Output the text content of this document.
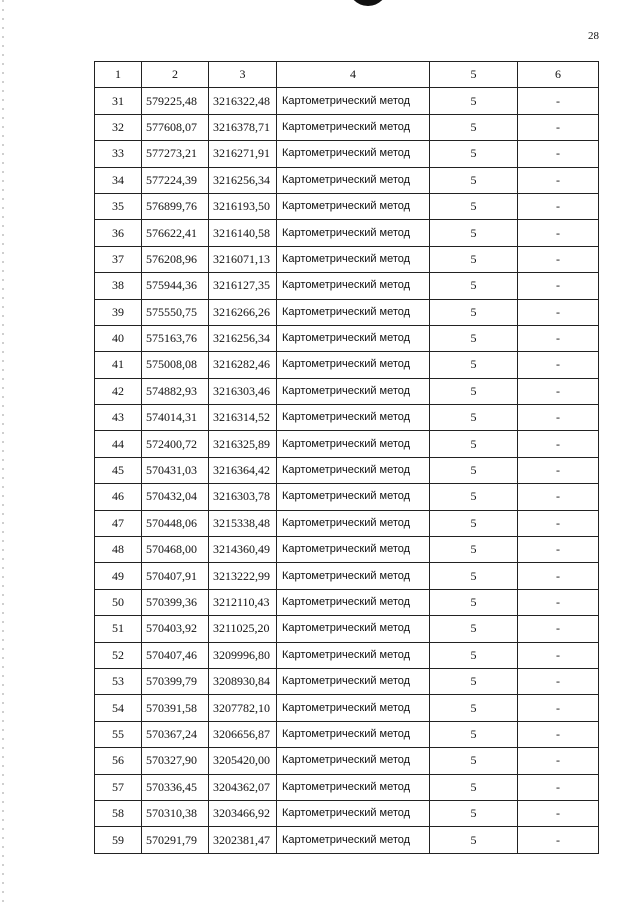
28
1	2	3	4	5	6
31	579225,48	3216322,48	Картометрический метод	5	-
32	577608,07	3216378,71	Картометрический метод	5	-
33	577273,21	3216271,91	Картометрический метод	5	-
34	577224,39	3216256,34	Картометрический метод	5	-
35	576899,76	3216193,50	Картометрический метод	5	-
36	576622,41	3216140,58	Картометрический метод	5	-
37	576208,96	3216071,13	Картометрический метод	5	-
38	575944,36	3216127,35	Картометрический метод	5	-
39	575550,75	3216266,26	Картометрический метод	5	-
40	575163,76	3216256,34	Картометрический метод	5	-
41	575008,08	3216282,46	Картометрический метод	5	-
42	574882,93	3216303,46	Картометрический метод	5	-
43	574014,31	3216314,52	Картометрический метод	5	-
44	572400,72	3216325,89	Картометрический метод	5	-
45	570431,03	3216364,42	Картометрический метод	5	-
46	570432,04	3216303,78	Картометрический метод	5	-
47	570448,06	3215338,48	Картометрический метод	5	-
48	570468,00	3214360,49	Картометрический метод	5	-
49	570407,91	3213222,99	Картометрический метод	5	-
50	570399,36	3212110,43	Картометрический метод	5	-
51	570403,92	3211025,20	Картометрический метод	5	-
52	570407,46	3209996,80	Картометрический метод	5	-
53	570399,79	3208930,84	Картометрический метод	5	-
54	570391,58	3207782,10	Картометрический метод	5	-
55	570367,24	3206656,87	Картометрический метод	5	-
56	570327,90	3205420,00	Картометрический метод	5	-
57	570336,45	3204362,07	Картометрический метод	5	-
58	570310,38	3203466,92	Картометрический метод	5	-
59	570291,79	3202381,47	Картометрический метод	5	-
